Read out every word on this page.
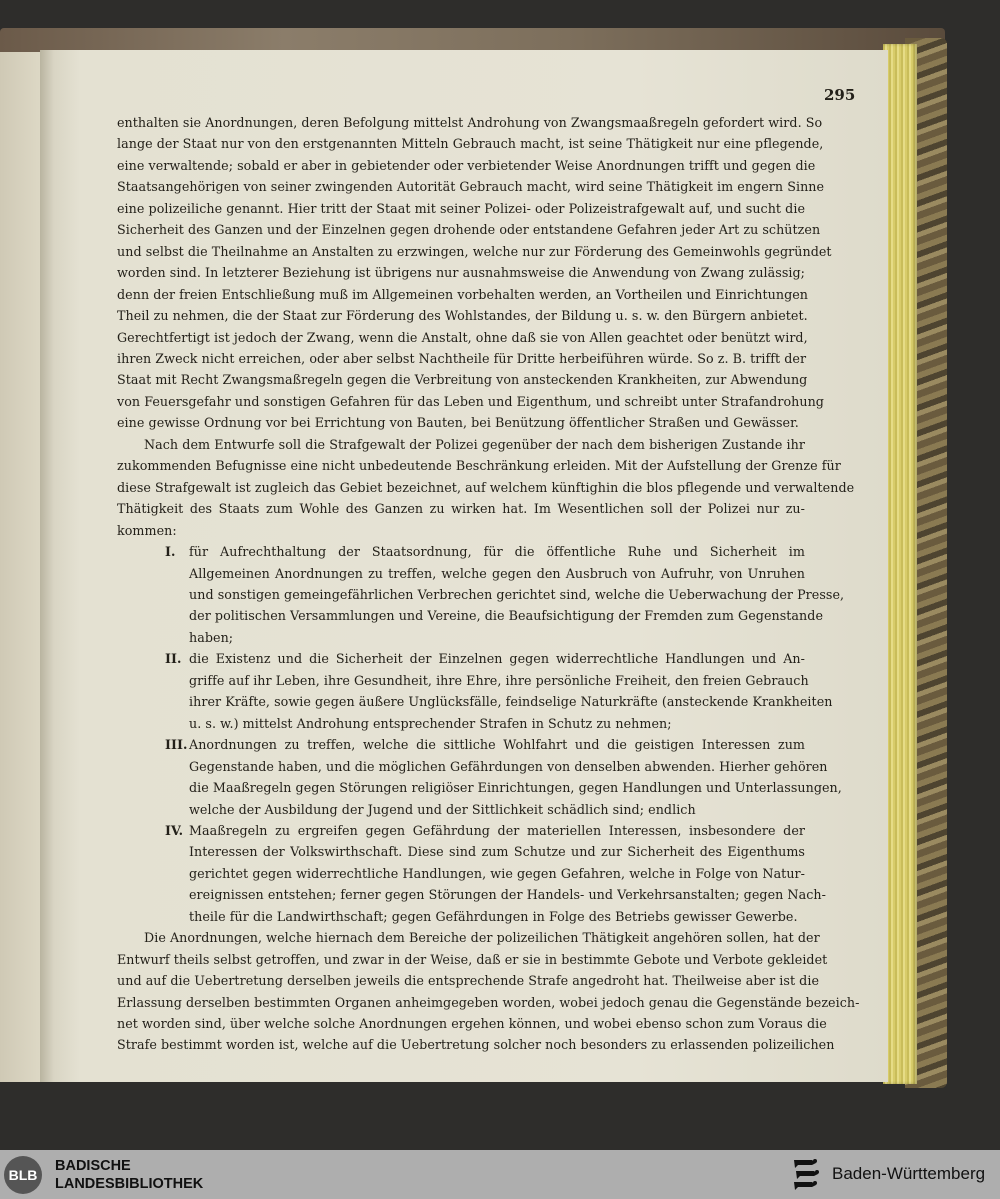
295
enthalten sie Anordnungen, deren Befolgung mittelst Androhung von Zwangsmaaßregeln gefordert wird. So
lange der Staat nur von den erstgenannten Mitteln Gebrauch macht, ist seine Thätigkeit nur eine pflegende,
eine verwaltende; sobald er aber in gebietender oder verbietender Weise Anordnungen trifft und gegen die
Staatsangehörigen von seiner zwingenden Autorität Gebrauch macht, wird seine Thätigkeit im engern Sinne
eine polizeiliche genannt. Hier tritt der Staat mit seiner Polizei- oder Polizeistrafgewalt auf, und sucht die
Sicherheit des Ganzen und der Einzelnen gegen drohende oder entstandene Gefahren jeder Art zu schützen
und selbst die Theilnahme an Anstalten zu erzwingen, welche nur zur Förderung des Gemeinwohls gegründet
worden sind. In letzterer Beziehung ist übrigens nur ausnahmsweise die Anwendung von Zwang zulässig;
denn der freien Entschließung muß im Allgemeinen vorbehalten werden, an Vortheilen und Einrichtungen
Theil zu nehmen, die der Staat zur Förderung des Wohlstandes, der Bildung u. s. w. den Bürgern anbietet.
Gerechtfertigt ist jedoch der Zwang, wenn die Anstalt, ohne daß sie von Allen geachtet oder benützt wird,
ihren Zweck nicht erreichen, oder aber selbst Nachtheile für Dritte herbeiführen würde. So z. B. trifft der
Staat mit Recht Zwangsmaßregeln gegen die Verbreitung von ansteckenden Krankheiten, zur Abwendung
von Feuersgefahr und sonstigen Gefahren für das Leben und Eigenthum, und schreibt unter Strafandrohung
eine gewisse Ordnung vor bei Errichtung von Bauten, bei Benützung öffentlicher Straßen und Gewässer.
Nach dem Entwurfe soll die Strafgewalt der Polizei gegenüber der nach dem bisherigen Zustande ihr
zukommenden Befugnisse eine nicht unbedeutende Beschränkung erleiden. Mit der Aufstellung der Grenze für
diese Strafgewalt ist zugleich das Gebiet bezeichnet, auf welchem künftighin die blos pflegende und verwaltende
Thätigkeit des Staats zum Wohle des Ganzen zu wirken hat. Im Wesentlichen soll der Polizei nur zu-
kommen:
I. für Aufrechthaltung der Staatsordnung, für die öffentliche Ruhe und Sicherheit im
Allgemeinen Anordnungen zu treffen, welche gegen den Ausbruch von Aufruhr, von Unruhen
und sonstigen gemeingefährlichen Verbrechen gerichtet sind, welche die Ueberwachung der Presse,
der politischen Versammlungen und Vereine, die Beaufsichtigung der Fremden zum Gegenstande
haben;
II. die Existenz und die Sicherheit der Einzelnen gegen widerrechtliche Handlungen und An-
griffe auf ihr Leben, ihre Gesundheit, ihre Ehre, ihre persönliche Freiheit, den freien Gebrauch
ihrer Kräfte, sowie gegen äußere Unglücksfälle, feindselige Naturkräfte (ansteckende Krankheiten
u. s. w.) mittelst Androhung entsprechender Strafen in Schutz zu nehmen;
III. Anordnungen zu treffen, welche die sittliche Wohlfahrt und die geistigen Interessen zum
Gegenstande haben, und die möglichen Gefährdungen von denselben abwenden. Hierher gehören
die Maaßregeln gegen Störungen religiöser Einrichtungen, gegen Handlungen und Unterlassungen,
welche der Ausbildung der Jugend und der Sittlichkeit schädlich sind; endlich
IV. Maaßregeln zu ergreifen gegen Gefährdung der materiellen Interessen, insbesondere der
Interessen der Volkswirthschaft. Diese sind zum Schutze und zur Sicherheit des Eigenthums
gerichtet gegen widerrechtliche Handlungen, wie gegen Gefahren, welche in Folge von Natur-
ereignissen entstehen; ferner gegen Störungen der Handels- und Verkehrsanstalten; gegen Nach-
theile für die Landwirthschaft; gegen Gefährdungen in Folge des Betriebs gewisser Gewerbe.
Die Anordnungen, welche hiernach dem Bereiche der polizeilichen Thätigkeit angehören sollen, hat der
Entwurf theils selbst getroffen, und zwar in der Weise, daß er sie in bestimmte Gebote und Verbote gekleidet
und auf die Uebertretung derselben jeweils die entsprechende Strafe angedroht hat. Theilweise aber ist die
Erlassung derselben bestimmten Organen anheimgegeben worden, wobei jedoch genau die Gegenstände bezeich-
net worden sind, über welche solche Anordnungen ergehen können, und wobei ebenso schon zum Voraus die
Strafe bestimmt worden ist, welche auf die Uebertretung solcher noch besonders zu erlassenden polizeilichen
BLB
BADISCHE
LANDESBIBLIOTHEK
Baden-Württemberg
